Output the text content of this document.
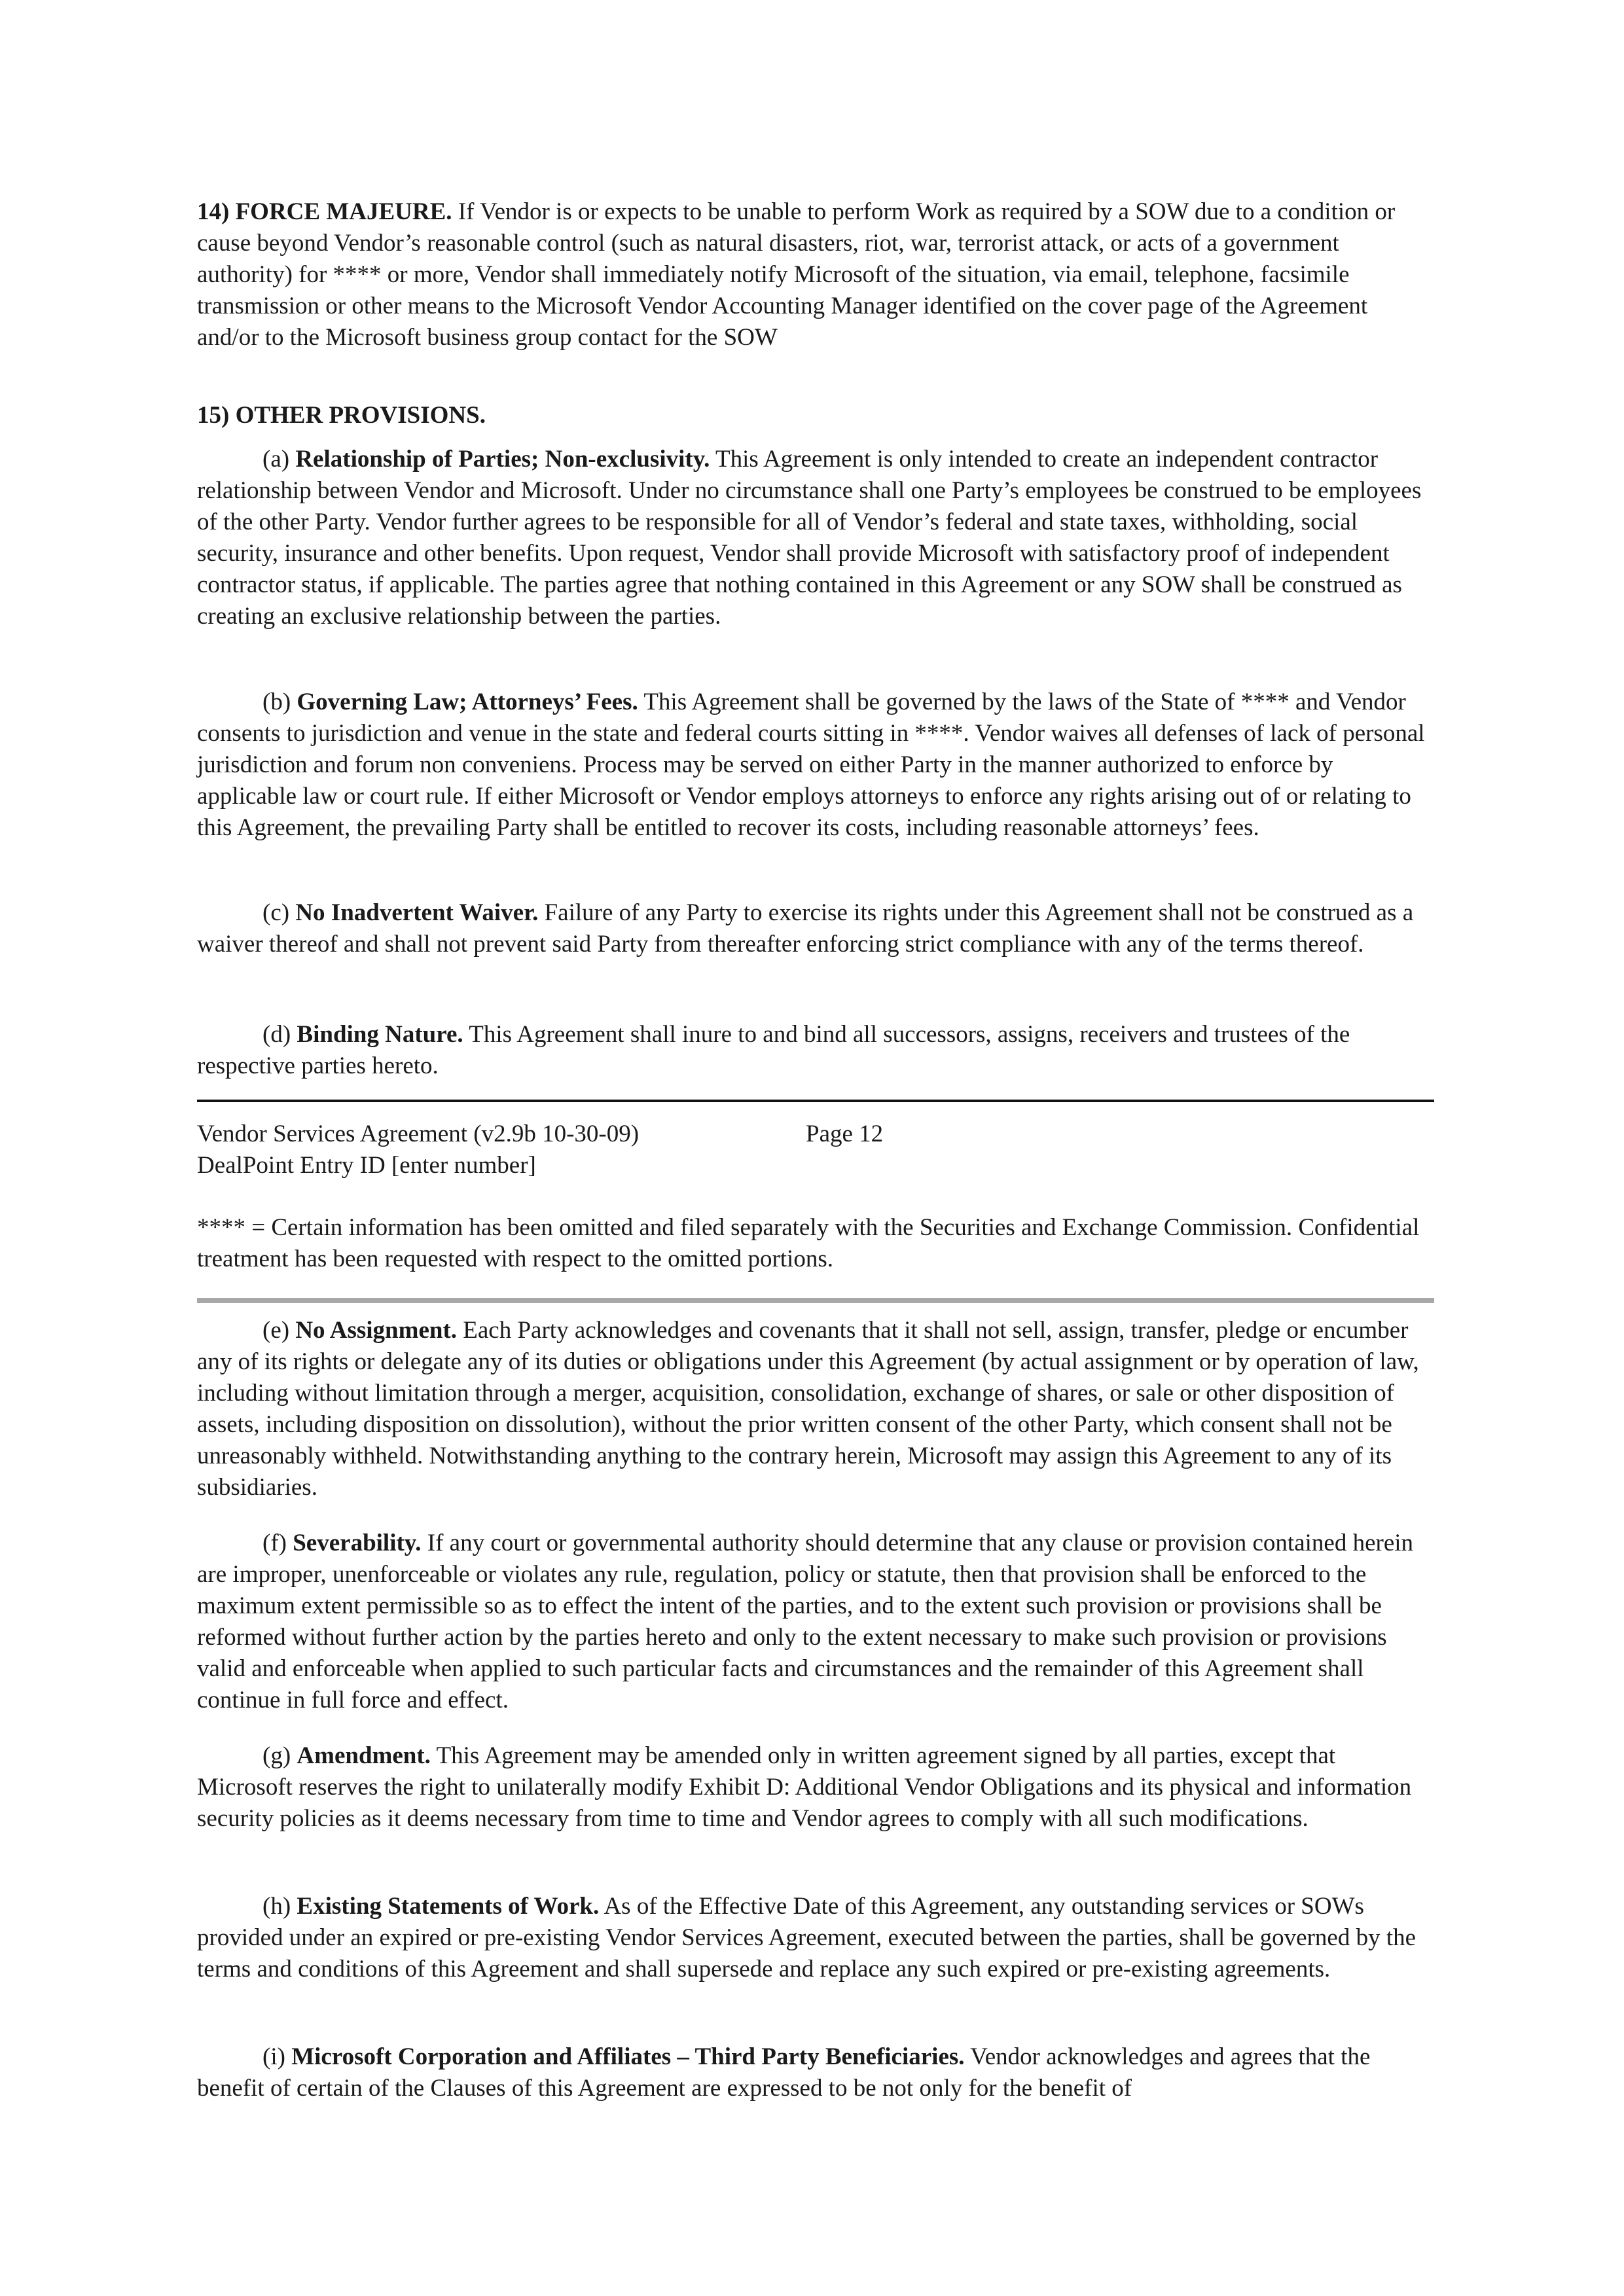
14) FORCE MAJEURE. If Vendor is or expects to be unable to perform Work as required by a SOW due to a condition or cause beyond Vendor’s reasonable control (such as natural disasters, riot, war, terrorist attack, or acts of a government authority) for **** or more, Vendor shall immediately notify Microsoft of the situation, via email, telephone, facsimile transmission or other means to the Microsoft Vendor Accounting Manager identified on the cover page of the Agreement and/or to the Microsoft business group contact for the SOW

15) OTHER PROVISIONS.

(a) Relationship of Parties; Non-exclusivity. This Agreement is only intended to create an independent contractor relationship between Vendor and Microsoft. Under no circumstance shall one Party’s employees be construed to be employees of the other Party. Vendor further agrees to be responsible for all of Vendor’s federal and state taxes, withholding, social security, insurance and other benefits. Upon request, Vendor shall provide Microsoft with satisfactory proof of independent contractor status, if applicable. The parties agree that nothing contained in this Agreement or any SOW shall be construed as creating an exclusive relationship between the parties.

(b) Governing Law; Attorneys’ Fees. This Agreement shall be governed by the laws of the State of **** and Vendor consents to jurisdiction and venue in the state and federal courts sitting in ****. Vendor waives all defenses of lack of personal jurisdiction and forum non conveniens. Process may be served on either Party in the manner authorized to enforce by applicable law or court rule. If either Microsoft or Vendor employs attorneys to enforce any rights arising out of or relating to this Agreement, the prevailing Party shall be entitled to recover its costs, including reasonable attorneys’ fees.

(c) No Inadvertent Waiver. Failure of any Party to exercise its rights under this Agreement shall not be construed as a waiver thereof and shall not prevent said Party from thereafter enforcing strict compliance with any of the terms thereof.

(d) Binding Nature. This Agreement shall inure to and bind all successors, assigns, receivers and trustees of the respective parties hereto.

Vendor Services Agreement (v2.9b 10-30-09)	Page 12
DealPoint Entry ID [enter number]

**** = Certain information has been omitted and filed separately with the Securities and Exchange Commission. Confidential treatment has been requested with respect to the omitted portions.

(e) No Assignment. Each Party acknowledges and covenants that it shall not sell, assign, transfer, pledge or encumber any of its rights or delegate any of its duties or obligations under this Agreement (by actual assignment or by operation of law, including without limitation through a merger, acquisition, consolidation, exchange of shares, or sale or other disposition of assets, including disposition on dissolution), without the prior written consent of the other Party, which consent shall not be unreasonably withheld. Notwithstanding anything to the contrary herein, Microsoft may assign this Agreement to any of its subsidiaries.

(f) Severability. If any court or governmental authority should determine that any clause or provision contained herein are improper, unenforceable or violates any rule, regulation, policy or statute, then that provision shall be enforced to the maximum extent permissible so as to effect the intent of the parties, and to the extent such provision or provisions shall be reformed without further action by the parties hereto and only to the extent necessary to make such provision or provisions valid and enforceable when applied to such particular facts and circumstances and the remainder of this Agreement shall continue in full force and effect.

(g) Amendment. This Agreement may be amended only in written agreement signed by all parties, except that Microsoft reserves the right to unilaterally modify Exhibit D: Additional Vendor Obligations and its physical and information security policies as it deems necessary from time to time and Vendor agrees to comply with all such modifications.

(h) Existing Statements of Work. As of the Effective Date of this Agreement, any outstanding services or SOWs provided under an expired or pre-existing Vendor Services Agreement, executed between the parties, shall be governed by the terms and conditions of this Agreement and shall supersede and replace any such expired or pre-existing agreements.

(i) Microsoft Corporation and Affiliates – Third Party Beneficiaries. Vendor acknowledges and agrees that the benefit of certain of the Clauses of this Agreement are expressed to be not only for the benefit of
